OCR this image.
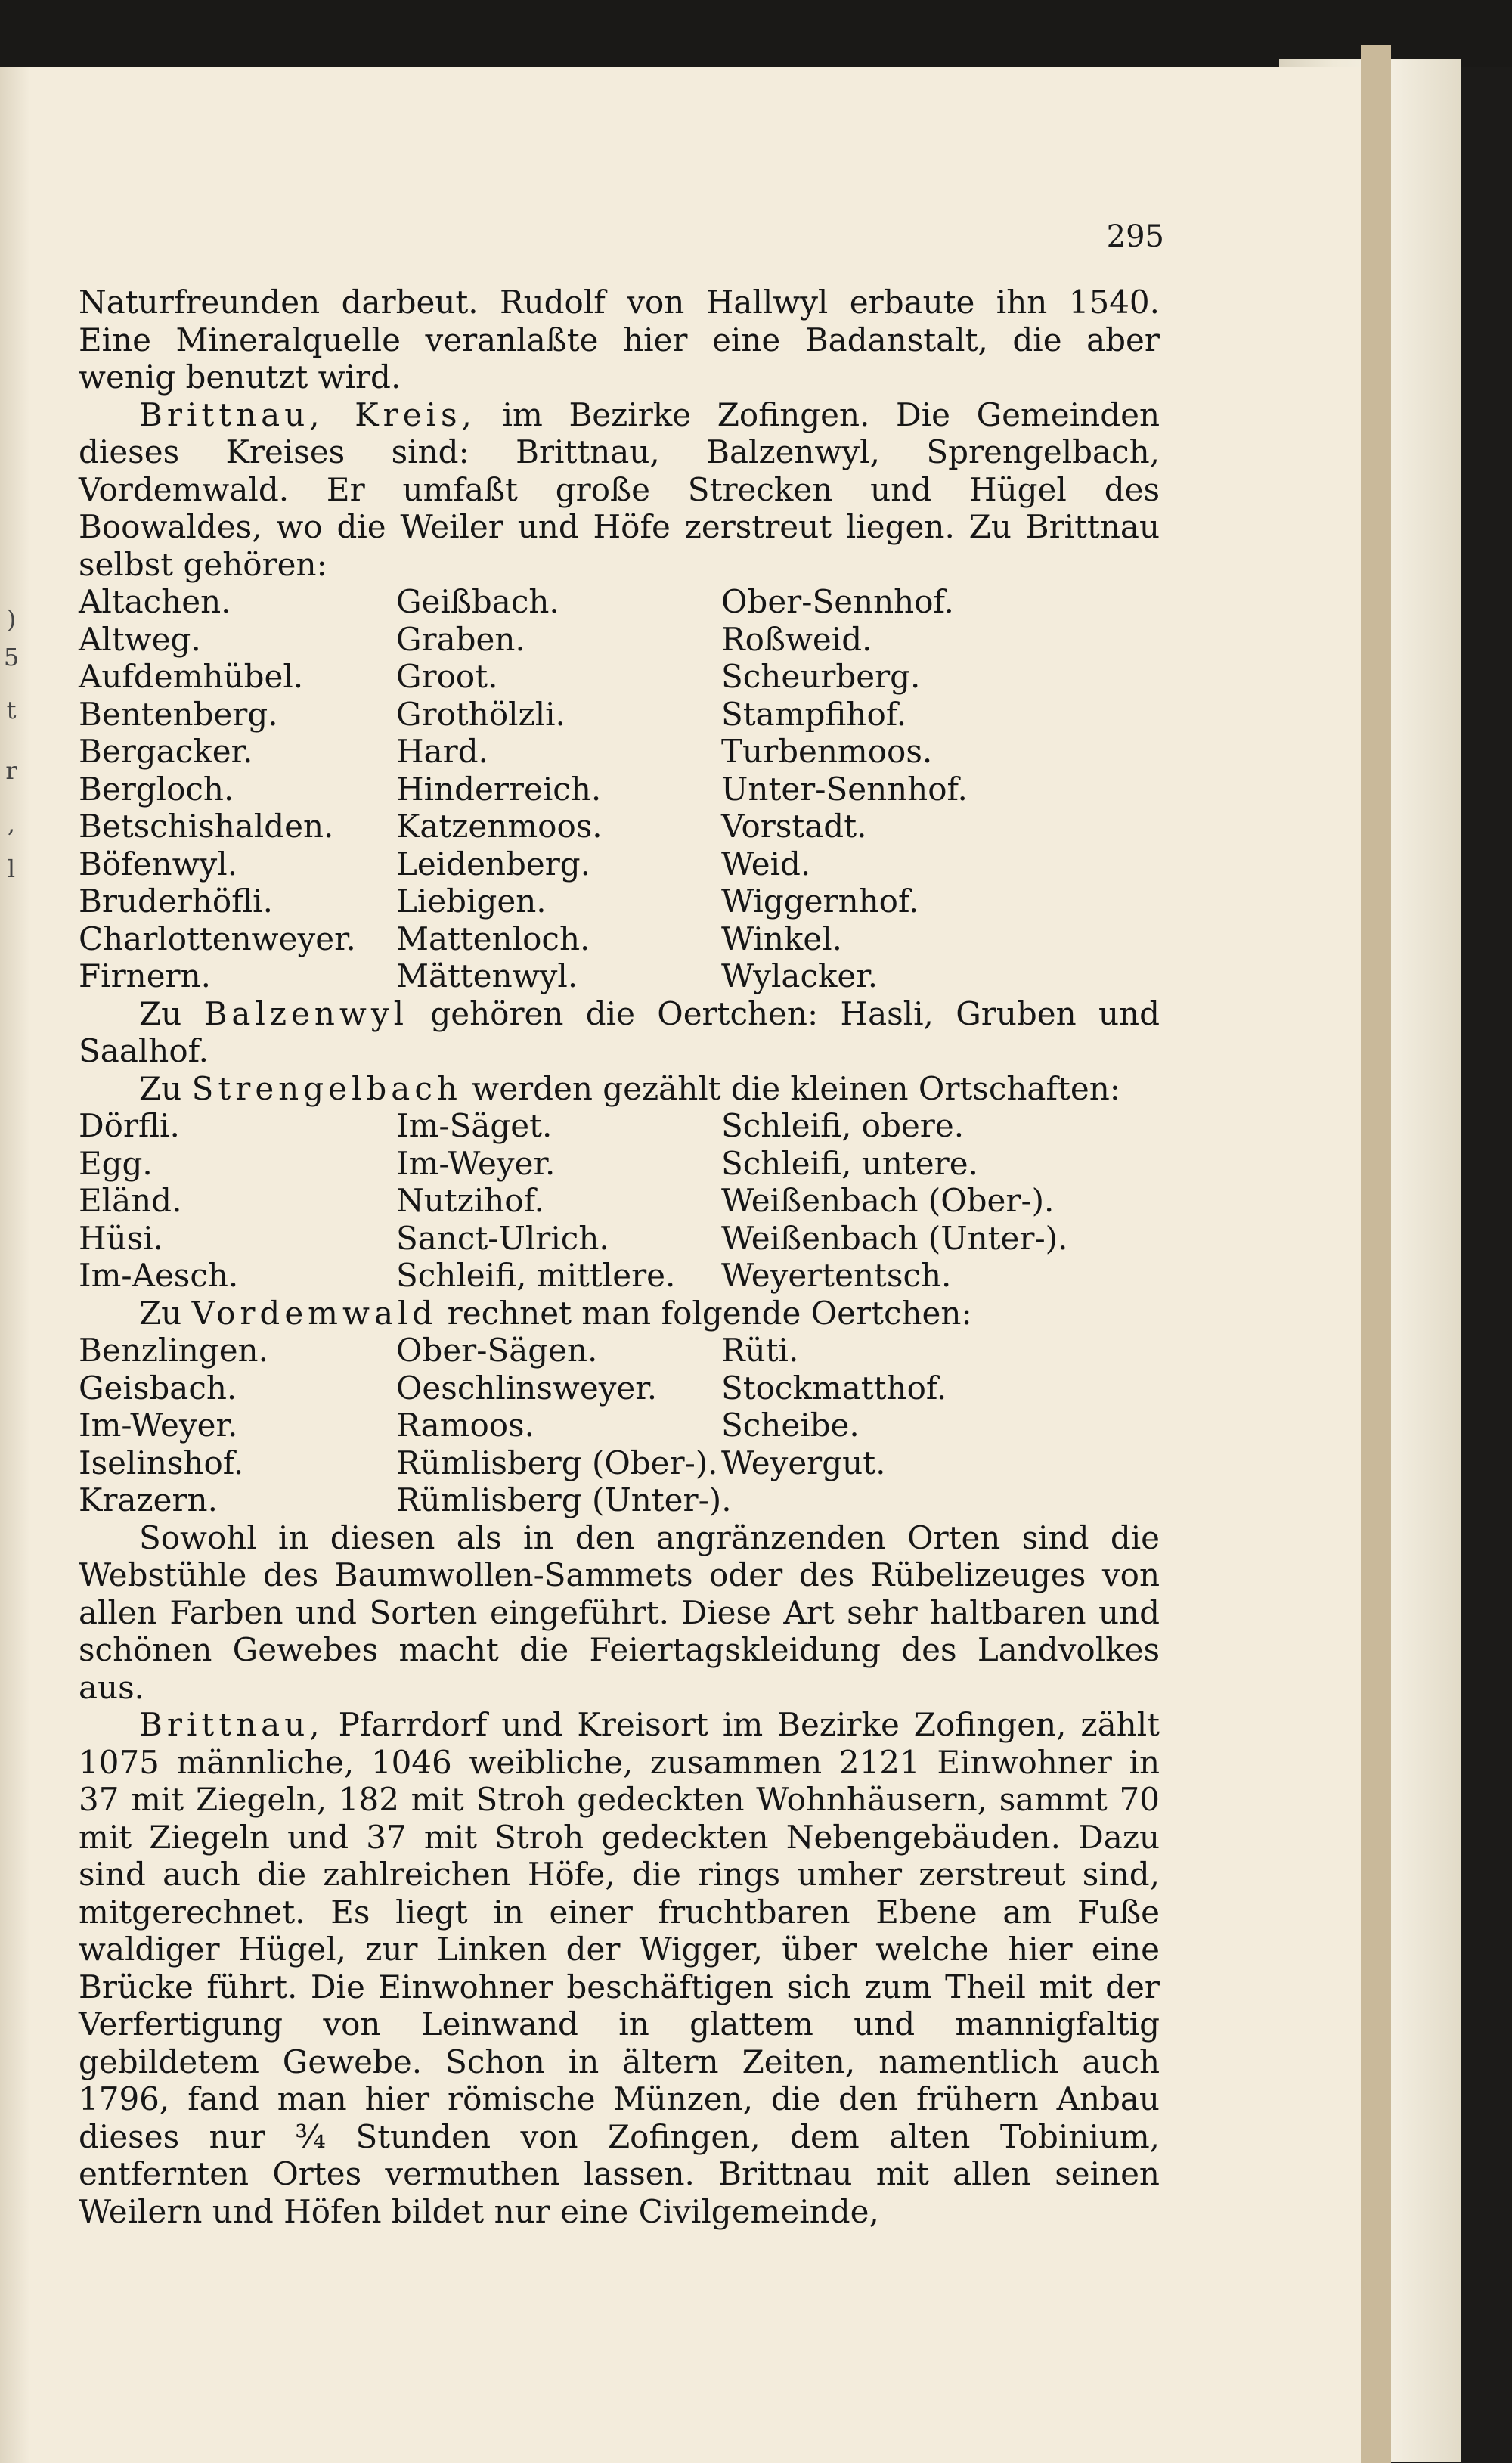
)
5
t
r
,
l
295

Naturfreunden darbeut. Rudolf von Hallwyl erbaute ihn 1540. Eine Mineralquelle veranlaßte hier eine Badanstalt, die aber wenig benutzt wird.

Brittnau, Kreis, im Bezirke Zofingen. Die Gemeinden dieses Kreises sind: Brittnau, Balzenwyl, Sprengelbach, Vordemwald. Er umfaßt große Strecken und Hügel des Boowaldes, wo die Weiler und Höfe zerstreut liegen. Zu Brittnau selbst gehören:

Altachen.	Geißbach.	Ober-Sennhof.
Altweg.	Graben.	Roßweid.
Aufdemhübel.	Groot.	Scheurberg.
Bentenberg.	Grothölzli.	Stampfihof.
Bergacker.	Hard.	Turbenmoos.
Bergloch.	Hinderreich.	Unter-Sennhof.
Betschishalden.	Katzenmoos.	Vorstadt.
Böfenwyl.	Leidenberg.	Weid.
Bruderhöfli.	Liebigen.	Wiggernhof.
Charlottenweyer.	Mattenloch.	Winkel.
Firnern.	Mättenwyl.	Wylacker.

Zu Balzenwyl gehören die Oertchen: Hasli, Gruben und Saalhof.

Zu Strengelbach werden gezählt die kleinen Ortschaften:

Dörfli.	Im-Säget.	Schleifi, obere.
Egg.	Im-Weyer.	Schleifi, untere.
Eländ.	Nutzihof.	Weißenbach (Ober-).
Hüsi.	Sanct-Ulrich.	Weißenbach (Unter-).
Im-Aesch.	Schleifi, mittlere.	Weyertentsch.

Zu Vordemwald rechnet man folgende Oertchen:

Benzlingen.	Ober-Sägen.	Rüti.
Geisbach.	Oeschlinsweyer.	Stockmatthof.
Im-Weyer.	Ramoos.	Scheibe.
Iselinshof.	Rümlisberg (Ober-). Weyergut.
Krazern.	Rümlisberg (Unter-).

Sowohl in diesen als in den angränzenden Orten sind die Webstühle des Baumwollen-Sammets oder des Rübelizeuges von allen Farben und Sorten eingeführt. Diese Art sehr haltbaren und schönen Gewebes macht die Feiertagskleidung des Landvolkes aus.

Brittnau, Pfarrdorf und Kreisort im Bezirke Zofingen, zählt 1075 männliche, 1046 weibliche, zusammen 2121 Einwohner in 37 mit Ziegeln, 182 mit Stroh gedeckten Wohnhäusern, sammt 70 mit Ziegeln und 37 mit Stroh gedeckten Nebengebäuden. Dazu sind auch die zahlreichen Höfe, die rings umher zerstreut sind, mitgerechnet. Es liegt in einer fruchtbaren Ebene am Fuße waldiger Hügel, zur Linken der Wigger, über welche hier eine Brücke führt. Die Einwohner beschäftigen sich zum Theil mit der Verfertigung von Leinwand in glattem und mannigfaltig gebildetem Gewebe. Schon in ältern Zeiten, namentlich auch 1796, fand man hier römische Münzen, die den frühern Anbau dieses nur ¾ Stunden von Zofingen, dem alten Tobinium, entfernten Ortes vermuthen lassen. Brittnau mit allen seinen Weilern und Höfen bildet nur eine Civilgemeinde,
